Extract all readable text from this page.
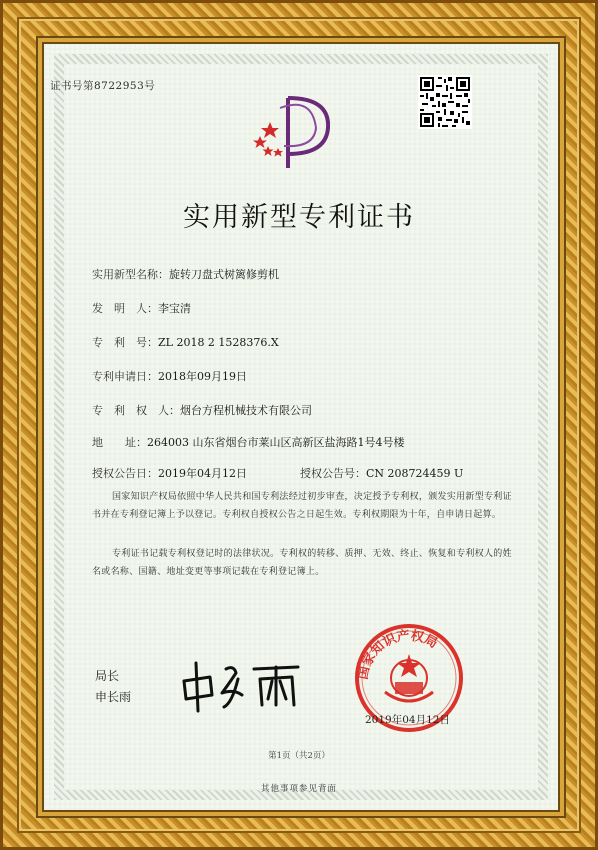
证书号第8722953号
实用新型专利证书
实用新型名称：旋转刀盘式树篱修剪机
发　明　人：李宝清
专　利　号：ZL 2018 2 1528376.X
专利申请日：2018年09月19日
专　利　权　人：烟台方程机械技术有限公司
地　　址：264003 山东省烟台市莱山区高新区盐海路1号4号楼
授权公告日：2019年04月12日	授权公告号：CN 208724459 U
国家知识产权局依照中华人民共和国专利法经过初步审查，决定授予专利权，颁发实用新型专利证书并在专利登记簿上予以登记。专利权自授权公告之日起生效。专利权期限为十年，自申请日起算。
专利证书记载专利权登记时的法律状况。专利权的转移、质押、无效、终止、恢复和专利权人的姓名或名称、国籍、地址变更等事项记载在专利登记簿上。
局长
申长雨
国家知识产权局
2019年04月12日
第1页（共2页）
其他事项参见背面
